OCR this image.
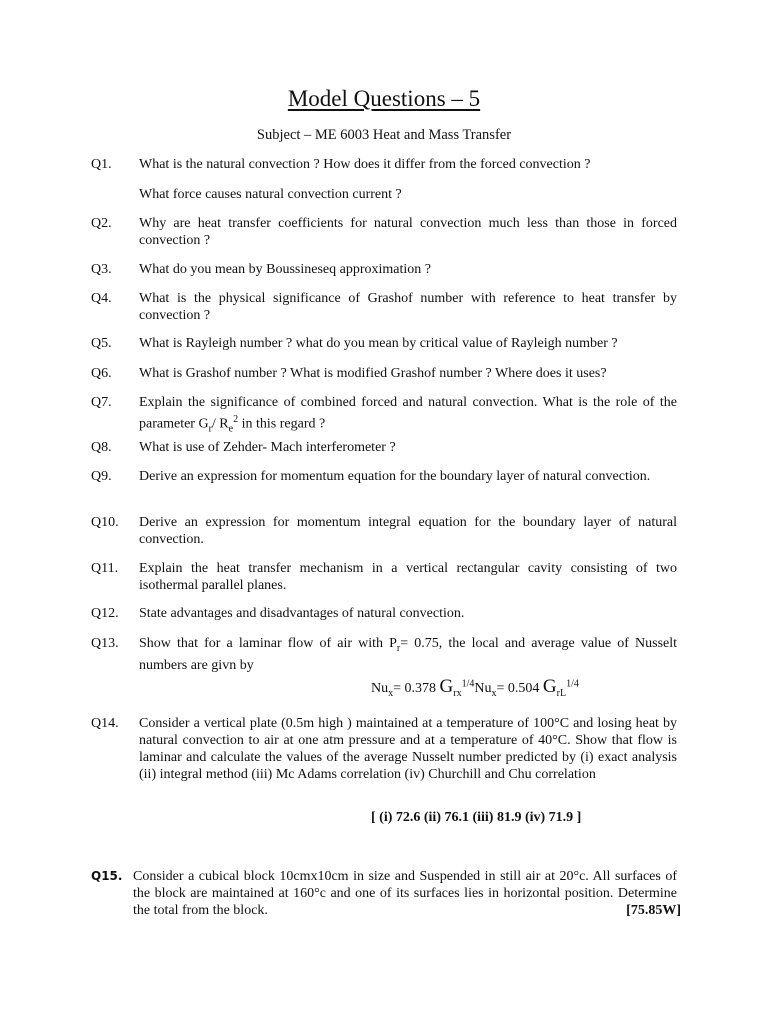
Model Questions – 5
Subject – ME 6003 Heat and Mass Transfer
Q1. What is the natural convection ? How does it differ from the forced convection ?
What force causes natural convection current ?
Q2. Why are heat transfer coefficients for natural convection much less than those in forced convection ?
Q3. What do you mean by Boussineseq approximation ?
Q4. What is the physical significance of Grashof number with reference to heat transfer by convection ?
Q5. What is Rayleigh number ? what do you mean by critical value of Rayleigh number ?
Q6. What is Grashof number ? What is modified Grashof number ? Where does it uses?
Q7. Explain the significance of combined forced and natural convection. What is the role of the parameter $G_r/$ $R_e^2$ in this regard ?
Q8. What is use of Zehder- Mach interferometer ?
Q9. Derive an expression for momentum equation for the boundary layer of natural convection.
Q10. Derive an expression for momentum integral equation for the boundary layer of natural convection.
Q11. Explain the heat transfer mechanism in a vertical rectangular cavity consisting of two isothermal parallel planes.
Q12. State advantages and disadvantages of natural convection.
Q13. Show that for a laminar flow of air with $P_r= 0.75$, the local and average value of Nusselt numbers are givn by
$Nu_x= 0.378$ $G_{rx}^{1/4}Nu_x= 0.504$ $G_{rL}^{1/4}$
Q14. Consider a vertical plate (0.5m high ) maintained at a temperature of 100°C and losing heat by natural convection to air at one atm pressure and at a temperature of 40°C. Show that flow is laminar and calculate the values of the average Nusselt number predicted by (i) exact analysis (ii) integral method (iii) Mc Adams correlation (iv) Churchill and Chu correlation
[ (i) 72.6 (ii) 76.1 (iii) 81.9 (iv) 71.9 ]
Q15. Consider a cubical block 10cmx10cm in size and Suspended in still air at 20°c. All surfaces of the block are maintained at 160°c and one of its surfaces lies in horizontal position. Determine the total from the block.	[75.85W]
